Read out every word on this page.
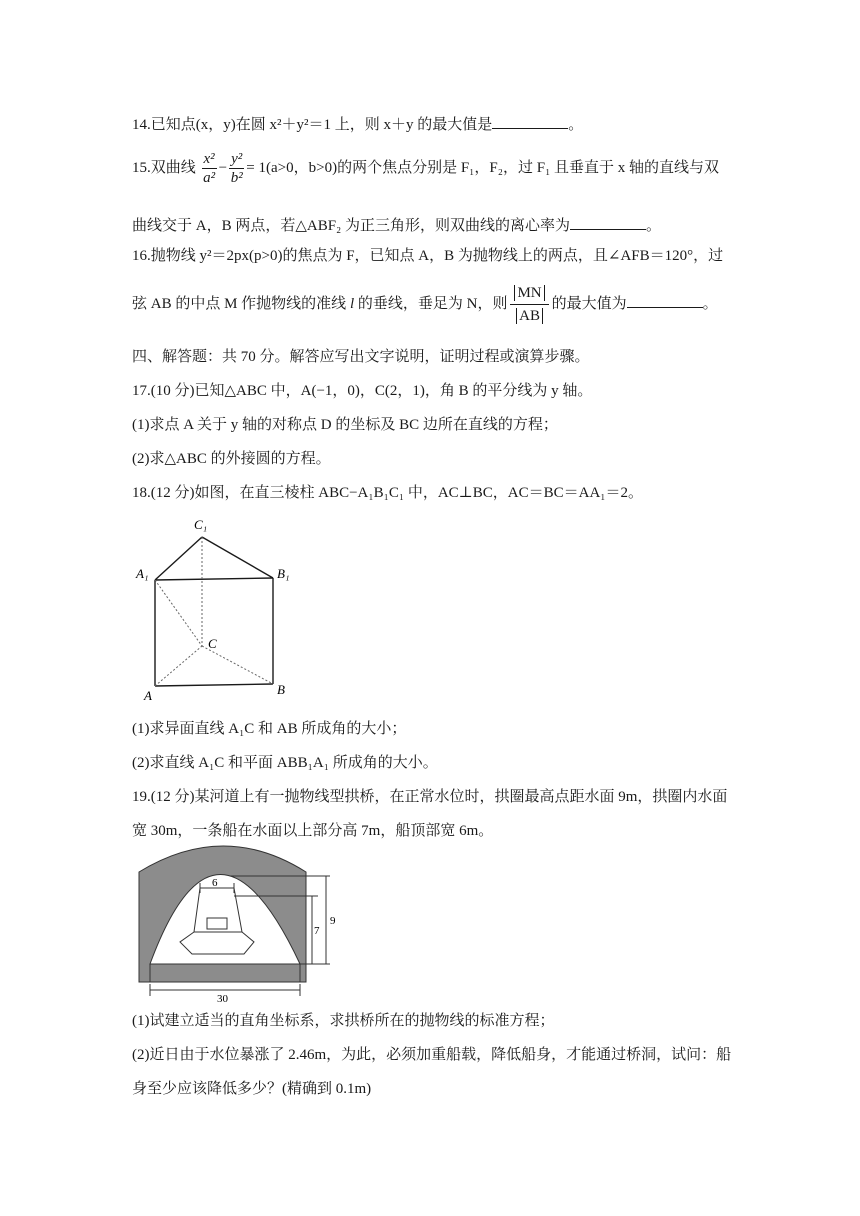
14.已知点(x，y)在圆 x²＋y²＝1 上，则 x＋y 的最大值是	。
15.双曲线 $\frac{\text{x²}}{\text{a²}} - \frac{\text{y²}}{\text{b²}} = 1(a>0$，b>0)的两个焦点分别是 F₁，F₂，过 F₁ 且垂直于 x 轴的直线与双
曲线交于 A，B 两点，若△ABF₂ 为正三角形，则双曲线的离心率为	。
16.抛物线 y²＝2px(p>0)的焦点为 F，已知点 A，B 为抛物线上的两点，且∠AFB＝120°，过
弦 AB 的中点 M 作抛物线的准线 l 的垂线，垂足为 N，则 $\frac{MN}{AB}$ 的最大值为	。
四、解答题：共 70 分。解答应写出文字说明，证明过程或演算步骤。
17.(10 分)已知△ABC 中，A(−1，0)，C(2，1)，角 B 的平分线为 y 轴。
(1)求点 A 关于 y 轴的对称点 D 的坐标及 BC 边所在直线的方程；
(2)求△ABC 的外接圆的方程。
18.(12 分)如图，在直三棱柱 ABC−A₁B₁C₁ 中，AC⊥BC，AC＝BC＝AA₁＝2。
C₁
A₁	B₁
C
A	B
(1)求异面直线 A₁C 和 AB 所成角的大小；
(2)求直线 A₁C 和平面 ABB₁A₁ 所成角的大小。
19.(12 分)某河道上有一抛物线型拱桥，在正常水位时，拱圈最高点距水面 9m，拱圈内水面
宽 30m，一条船在水面以上部分高 7m，船顶部宽 6m。
6
7
9
30
(1)试建立适当的直角坐标系，求拱桥所在的抛物线的标准方程；
(2)近日由于水位暴涨了 2.46m，为此，必须加重船载，降低船身，才能通过桥洞，试问：船
身至少应该降低多少？(精确到 0.1m)
